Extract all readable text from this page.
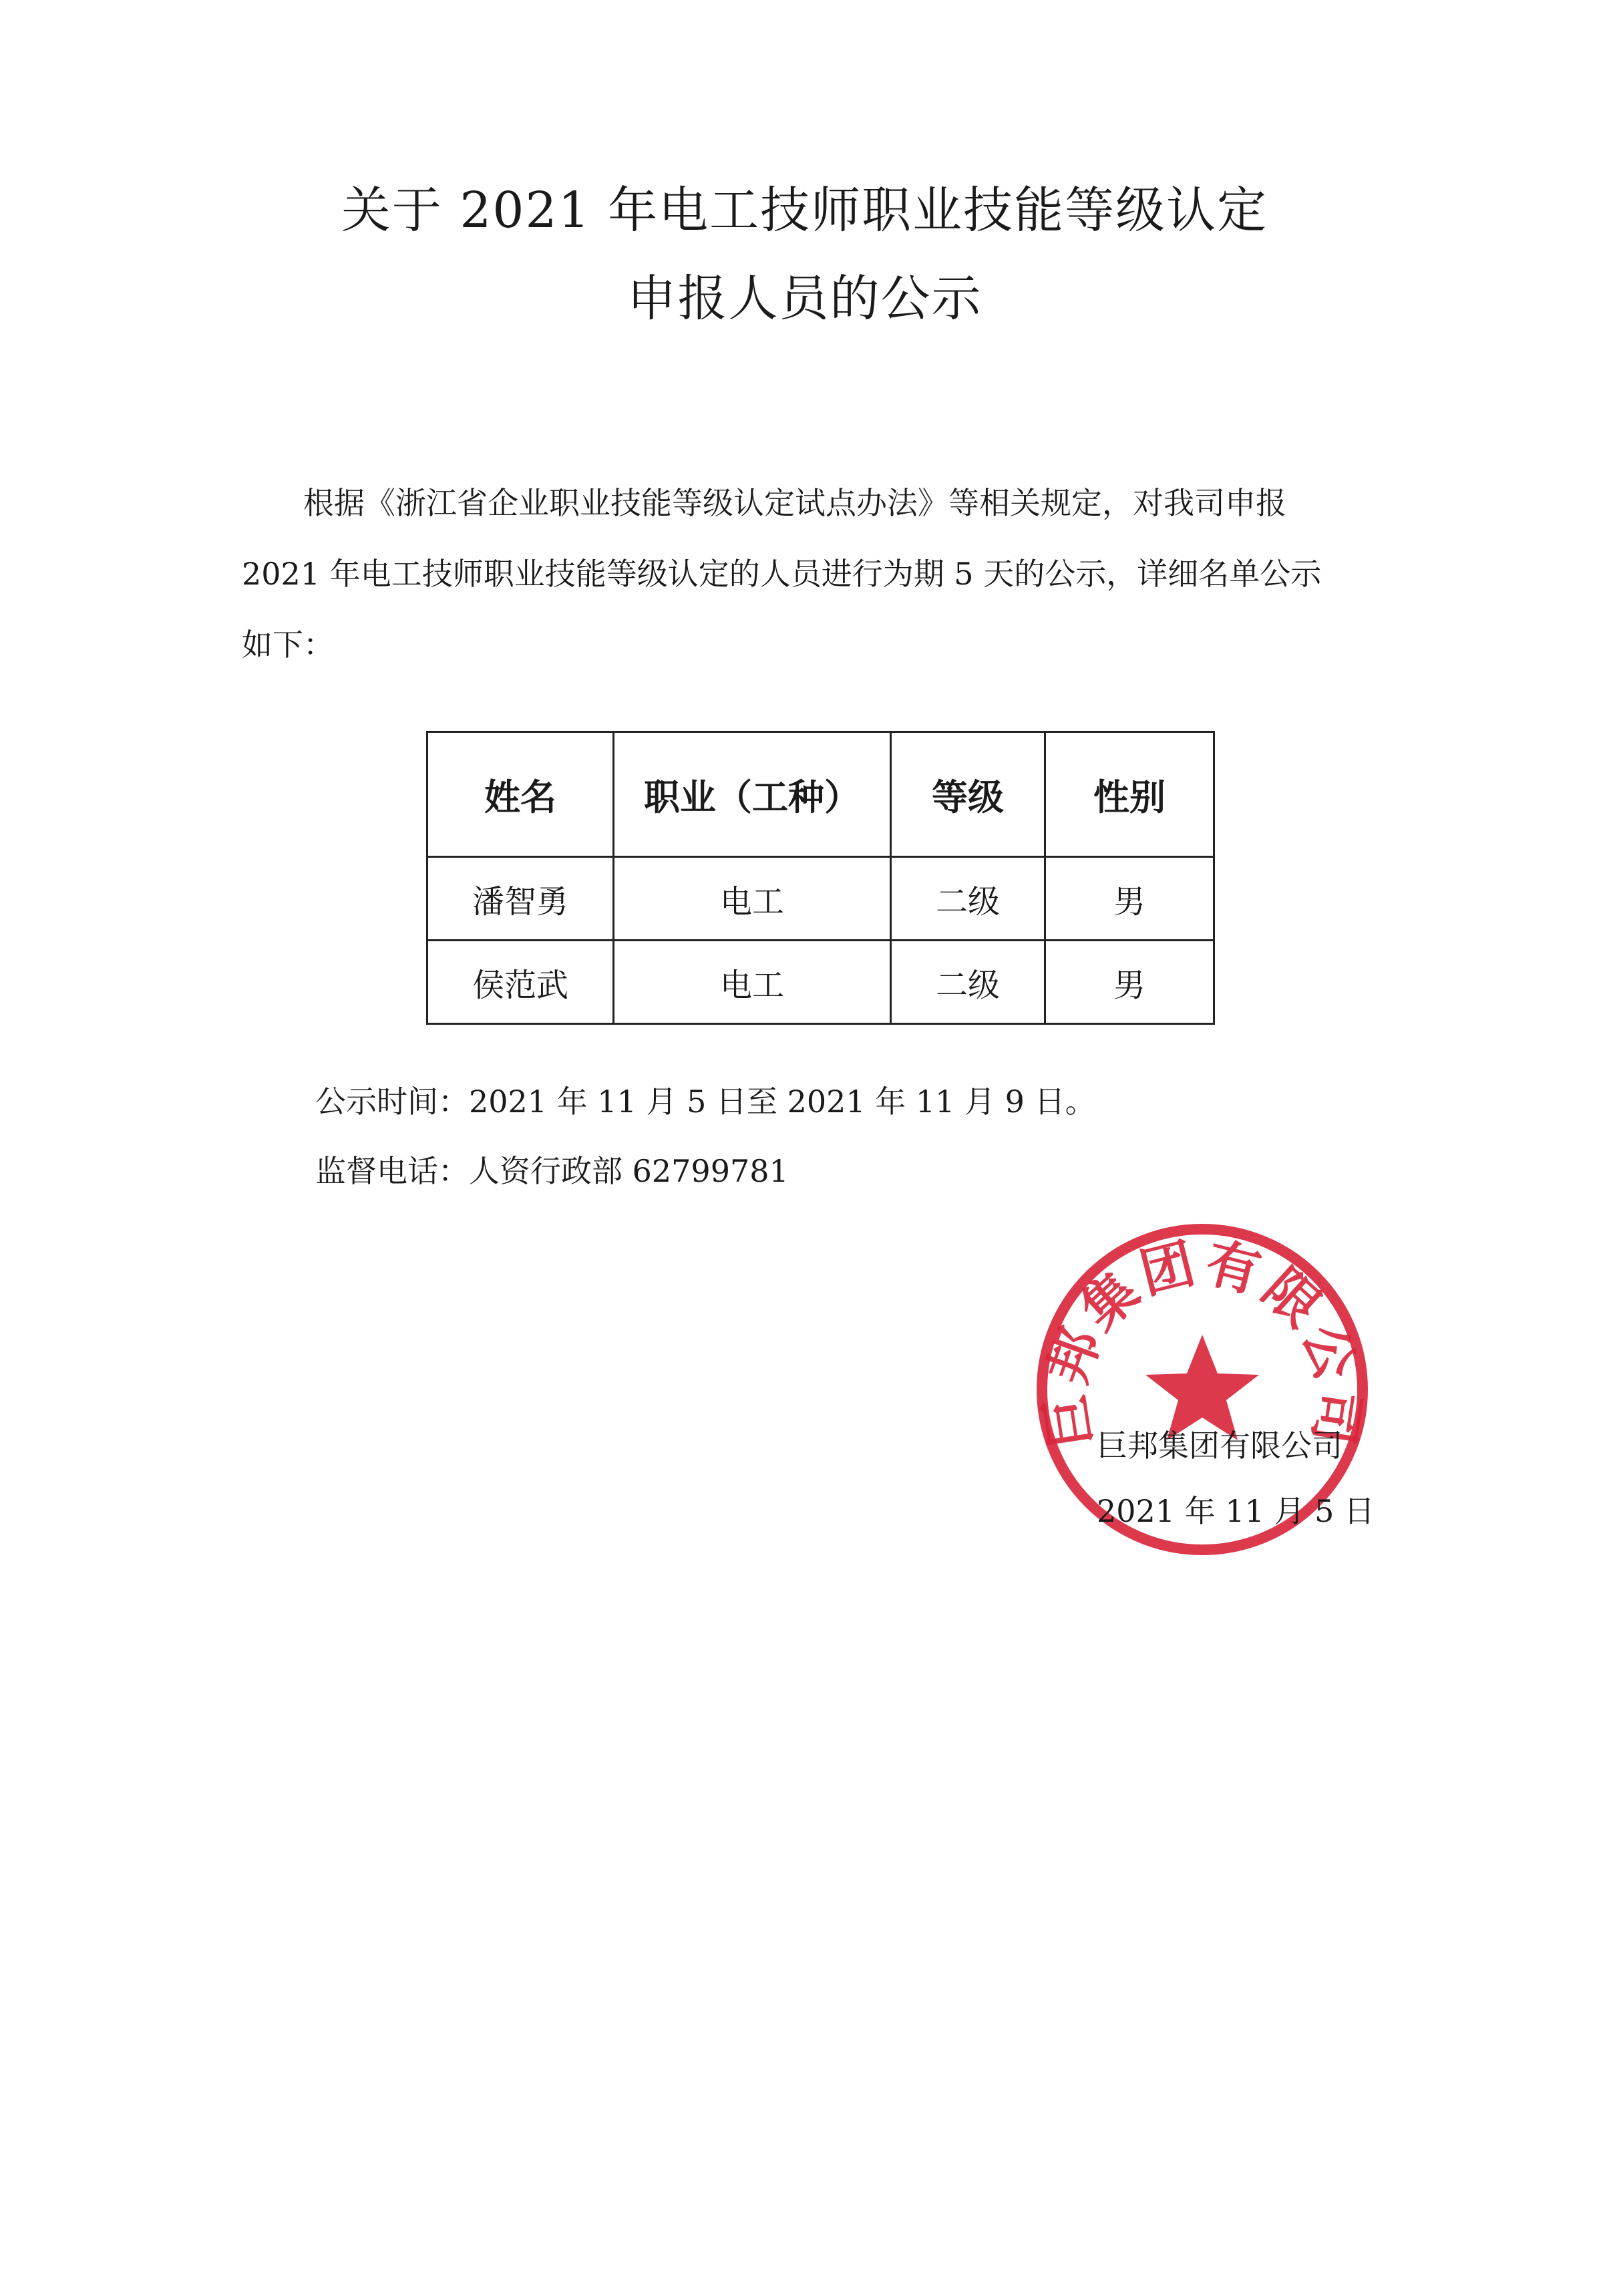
关于 2021 年电工技师职业技能等级认定
申报人员的公示
根据《浙江省企业职业技能等级认定试点办法》等相关规定，对我司申报
2021 年电工技师职业技能等级认定的人员进行为期 5 天的公示，详细名单公示
如下：
姓名	职业（工种）	等级	性别
潘智勇	电工	二级	男
侯范武	电工	二级	男
公示时间：2021 年 11 月 5 日至 2021 年 11 月 9 日。
监督电话：人资行政部 62799781
巨邦集团有限公司
巨邦集团有限公司
2021 年 11 月 5 日
